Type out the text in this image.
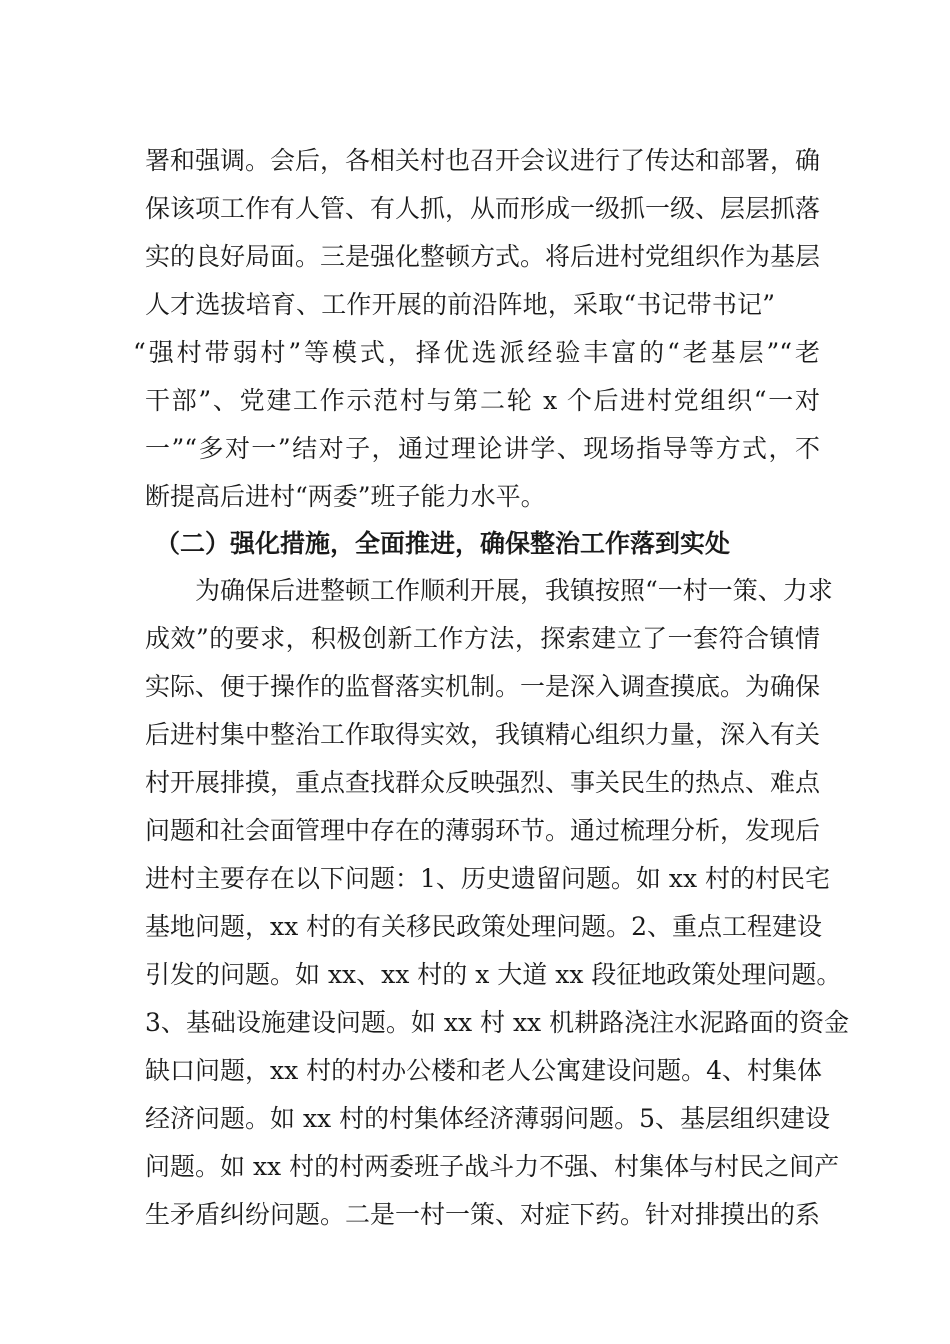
署和强调。会后，各相关村也召开会议进行了传达和部署，确
保该项工作有人管、有人抓，从而形成一级抓一级、层层抓落
实的良好局面。三是强化整顿方式。将后进村党组织作为基层
人才选拔培育、工作开展的前沿阵地，采取“书记带书记”
“强村带弱村”等模式，择优选派经验丰富的“老基层”“老
干部”、党建工作示范村与第二轮 x 个后进村党组织“一对
一”“多对一”结对子，通过理论讲学、现场指导等方式，不
断提高后进村“两委”班子能力水平。
（二）强化措施，全面推进，确保整治工作落到实处
为确保后进整顿工作顺利开展，我镇按照“一村一策、力求
成效”的要求，积极创新工作方法，探索建立了一套符合镇情
实际、便于操作的监督落实机制。一是深入调查摸底。为确保
后进村集中整治工作取得实效，我镇精心组织力量，深入有关
村开展排摸，重点查找群众反映强烈、事关民生的热点、难点
问题和社会面管理中存在的薄弱环节。通过梳理分析，发现后
进村主要存在以下问题：1、历史遗留问题。如 xx 村的村民宅
基地问题，xx 村的有关移民政策处理问题。2、重点工程建设
引发的问题。如 xx、xx 村的 x 大道 xx 段征地政策处理问题。
3、基础设施建设问题。如 xx 村 xx 机耕路浇注水泥路面的资金
缺口问题，xx 村的村办公楼和老人公寓建设问题。4、村集体
经济问题。如 xx 村的村集体经济薄弱问题。5、基层组织建设
问题。如 xx 村的村两委班子战斗力不强、村集体与村民之间产
生矛盾纠纷问题。二是一村一策、对症下药。针对排摸出的系
